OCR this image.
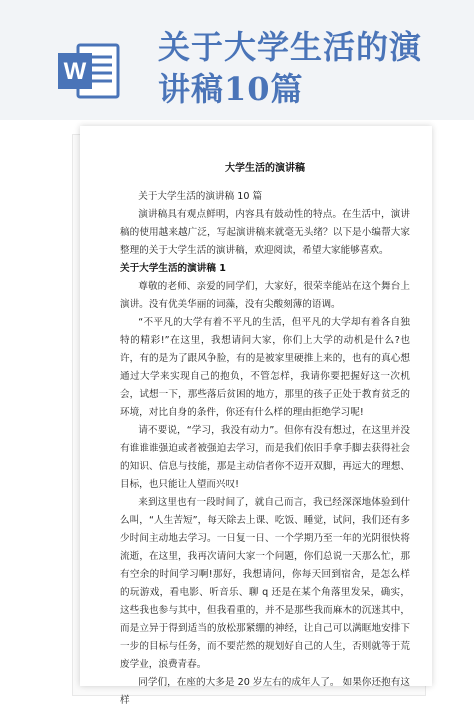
W
关于大学生活的演
讲稿10篇
大学生活的演讲稿

关于大学生活的演讲稿 10 篇

演讲稿具有观点鲜明，内容具有鼓动性的特点。在生活中，演讲稿的使用越来越广泛，写起演讲稿来就毫无头绪？以下是小编帮大家整理的关于大学生活的演讲稿，欢迎阅读，希望大家能够喜欢。

关于大学生活的演讲稿 1

尊敬的老师、亲爱的同学们，大家好，很荣幸能站在这个舞台上演讲。没有优美华丽的词藻，没有尖酸刻薄的语调。

“不平凡的大学有着不平凡的生活，但平凡的大学却有着各自独特的精彩!”在这里，我想请问大家，你们上大学的动机是什么?也许，有的是为了跟风争脸，有的是被家里硬推上来的，也有的真心想通过大学来实现自己的抱负，不管怎样，我请你要把握好这一次机会，试想一下，那些落后贫困的地方，那里的孩子正处于教育贫乏的环境，对比自身的条件，你还有什么样的理由拒绝学习呢!

请不要说，“学习，我没有动力”。但你有没有想过，在这里并没有谁谁谁强迫或者被强迫去学习，而是我们依旧手拿手脚去获得社会的知识、信息与技能，那是主动信者你不迈开双脚，再远大的理想、目标，也只能让人望而兴叹!

来到这里也有一段时间了，就自己而言，我已经深深地体验到什么叫，“人生苦短”，每天除去上课、吃饭、睡觉，试问，我们还有多少时间主动地去学习。一日复一日、一个学期乃至一年的光阴很快将流逝，在这里，我再次请问大家一个问题，你们总说一天那么忙，那有空余的时间学习啊!那好，我想请问，你每天回到宿舍，是怎么样的玩游戏，看电影、听音乐、聊 q 还是在某个角落里发呆，确实，这些我也参与其中，但我看重的，并不是那些我而麻木的沉迷其中，而是立异于得到适当的放松那紧绷的神经，让自己可以满眶地安排下一步的目标与任务，而不要茫然的规划好自己的人生，否则就等于荒废学业，浪费青春。

同学们，在座的大多是 20 岁左右的成年人了。 如果你还抱有这样
